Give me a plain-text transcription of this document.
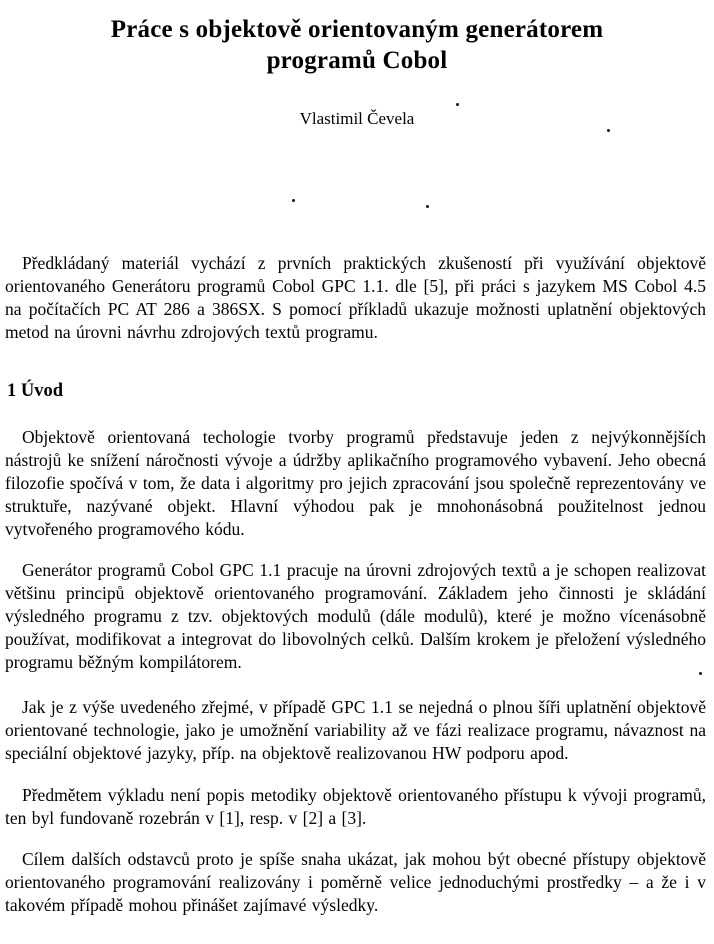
Práce s objektově orientovaným generátorem programů Cobol
Vlastimil Čevela

Předkládaný materiál vychází z prvních praktických zkušeností při využívání objektově orientovaného Generátoru programů Cobol GPC 1.1. dle [5], při práci s jazykem MS Cobol 4.5 na počítačích PC AT 286 a 386SX. S pomocí příkladů ukazuje možnosti uplatnění objektových metod na úrovni návrhu zdrojových textů programu.

1 Úvod

Objektově orientovaná techologie tvorby programů představuje jeden z nejvýkonnějších nástrojů ke snížení náročnosti vývoje a údržby aplikačního programového vybavení. Jeho obecná filozofie spočívá v tom, že data i algoritmy pro jejich zpracování jsou společně reprezentovány ve struktuře, nazývané objekt. Hlavní výhodou pak je mnohonásobná použitelnost jednou vytvořeného programového kódu.

Generátor programů Cobol GPC 1.1 pracuje na úrovni zdrojových textů a je schopen realizovat většinu principů objektově orientovaného programování. Základem jeho činnosti je skládání výsledného programu z tzv. objektových modulů (dále modulů), které je možno vícenásobně používat, modifikovat a integrovat do libovolných celků. Dalším krokem je přeložení výsledného programu běžným kompilátorem.

Jak je z výše uvedeného zřejmé, v případě GPC 1.1 se nejedná o plnou šíři uplatnění objektově orientované technologie, jako je umožnění variability až ve fázi realizace programu, návaznost na speciální objektové jazyky, příp. na objektově realizovanou HW podporu apod.

Předmětem výkladu není popis metodiky objektově orientovaného přístupu k vývoji programů, ten byl fundovaně rozebrán v [1], resp. v [2] a [3].

Cílem dalších odstavců proto je spíše snaha ukázat, jak mohou být obecné přístupy objektově orientovaného programování realizovány i poměrně velice jednoduchými prostředky – a že i v takovém případě mohou přinášet zajímavé výsledky.
